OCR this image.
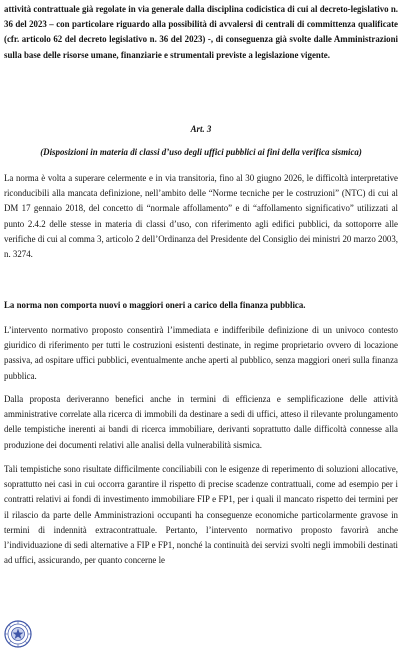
attività contrattuale già regolate in via generale dalla disciplina codicistica di cui al decreto-legislativo n. 36 del 2023 – con particolare riguardo alla possibilità di avvalersi di centrali di committenza qualificate (cfr. articolo 62 del decreto legislativo n. 36 del 2023) -, di conseguenza già svolte dalle Amministrazioni sulla base delle risorse umane, finanziarie e strumentali previste a legislazione vigente.

Art. 3

(Disposizioni in materia di classi d’uso degli uffici pubblici ai fini della verifica sismica)

La norma è volta a superare celermente e in via transitoria, fino al 30 giugno 2026, le difficoltà interpretative riconducibili alla mancata definizione, nell’ambito delle “Norme tecniche per le costruzioni” (NTC) di cui al DM 17 gennaio 2018, del concetto di “normale affollamento” e di “affollamento significativo” utilizzati al punto 2.4.2 delle stesse in materia di classi d’uso, con riferimento agli edifici pubblici, da sottoporre alle verifiche di cui al comma 3, articolo 2 dell’Ordinanza del Presidente del Consiglio dei ministri 20 marzo 2003, n. 3274.

La norma non comporta nuovi o maggiori oneri a carico della finanza pubblica.

L’intervento normativo proposto consentirà l’immediata e indifferibile definizione di un univoco contesto giuridico di riferimento per tutti le costruzioni esistenti destinate, in regime proprietario ovvero di locazione passiva, ad ospitare uffici pubblici, eventualmente anche aperti al pubblico, senza maggiori oneri sulla finanza pubblica.

Dalla proposta deriveranno benefici anche in termini di efficienza e semplificazione delle attività amministrative correlate alla ricerca di immobili da destinare a sedi di uffici, atteso il rilevante prolungamento delle tempistiche inerenti ai bandi di ricerca immobiliare, derivanti soprattutto dalle difficoltà connesse alla produzione dei documenti relativi alle analisi della vulnerabilità sismica.

Tali tempistiche sono risultate difficilmente conciliabili con le esigenze di reperimento di soluzioni allocative, soprattutto nei casi in cui occorra garantire il rispetto di precise scadenze contrattuali, come ad esempio per i contratti relativi ai fondi di investimento immobiliare FIP e FP1, per i quali il mancato rispetto dei termini per il rilascio da parte delle Amministrazioni occupanti ha conseguenze economiche particolarmente gravose in termini di indennità extracontrattuale. Pertanto, l’intervento normativo proposto favorirà anche l’individuazione di sedi alternative a FIP e FP1, nonché la continuità dei servizi svolti negli immobili destinati ad uffici, assicurando, per quanto concerne le
